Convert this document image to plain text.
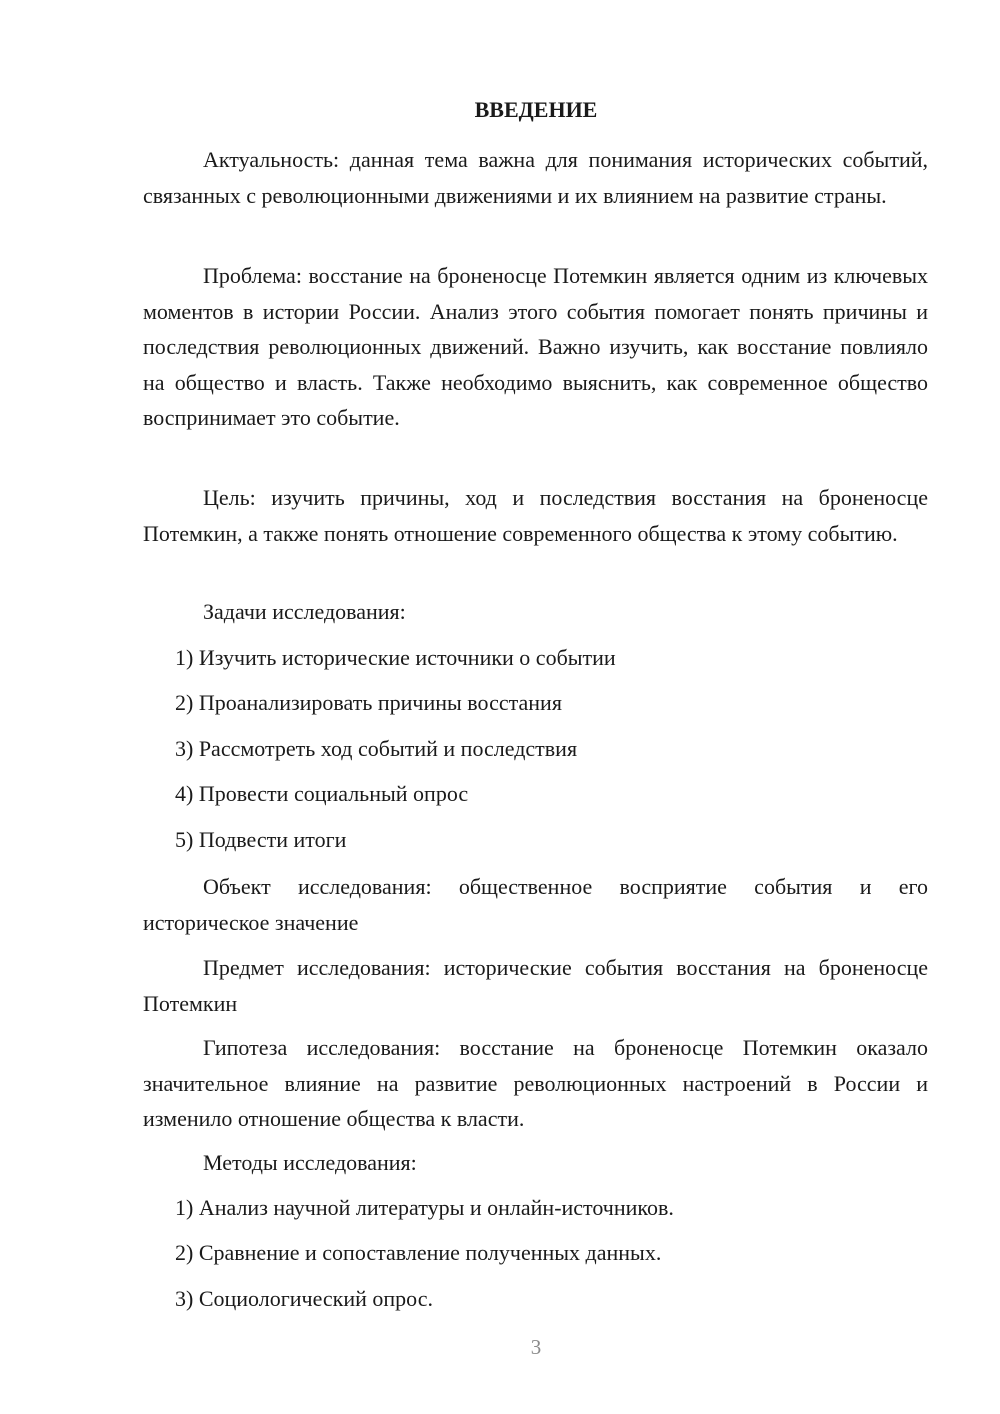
ВВЕДЕНИЕ

Актуальность: данная тема важна для понимания исторических событий, связанных с революционными движениями и их влиянием на развитие страны.

Проблема: восстание на броненосце Потемкин является одним из ключевых моментов в истории России. Анализ этого события помогает понять причины и последствия революционных движений. Важно изучить, как восстание повлияло на общество и власть. Также необходимо выяснить, как современное общество воспринимает это событие.

Цель: изучить причины, ход и последствия восстания на броненосце Потемкин, а также понять отношение современного общества к этому событию.

Задачи исследования:

1) Изучить исторические источники о событии

2) Проанализировать причины восстания

3) Рассмотреть ход событий и последствия

4) Провести социальный опрос

5) Подвести итоги

Объект исследования: общественное восприятие события и его историческое значение

Предмет исследования: исторические события восстания на броненосце Потемкин

Гипотеза исследования: восстание на броненосце Потемкин оказало значительное влияние на развитие революционных настроений в России и изменило отношение общества к власти.

Методы исследования:

1) Анализ научной литературы и онлайн-источников.

2) Сравнение и сопоставление полученных данных.

3) Социологический опрос.

3
